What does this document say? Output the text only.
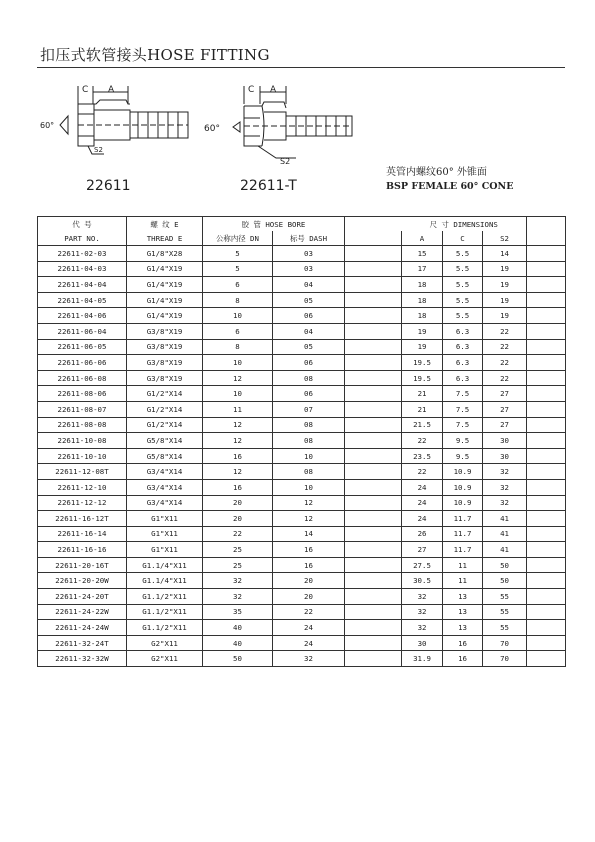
扣压式软管接头HOSE FITTING
C A
60°
S2
22611
C A
60°
S2
22611-T
英管内螺纹60° 外锥面
BSP FEMALE 60° CONE
代 号	螺 纹 E	胶 管 HOSE BORE				尺 寸 DIMENSIONS			
PART NO.	THREAD E	公称内径 DN	标号 DASH			A	C	S2	
22611-02-03	G1/8"X28	5	03			15	5.5	14	
22611-04-03	G1/4"X19	5	03			17	5.5	19	
22611-04-04	G1/4"X19	6	04			18	5.5	19	
22611-04-05	G1/4"X19	8	05			18	5.5	19	
22611-04-06	G1/4"X19	10	06			18	5.5	19	
22611-06-04	G3/8"X19	6	04			19	6.3	22	
22611-06-05	G3/8"X19	8	05			19	6.3	22	
22611-06-06	G3/8"X19	10	06			19.5	6.3	22	
22611-06-08	G3/8"X19	12	08			19.5	6.3	22	
22611-08-06	G1/2"X14	10	06			21	7.5	27	
22611-08-07	G1/2"X14	11	07			21	7.5	27	
22611-08-08	G1/2"X14	12	08			21.5	7.5	27	
22611-10-08	G5/8"X14	12	08			22	9.5	30	
22611-10-10	G5/8"X14	16	10			23.5	9.5	30	
22611-12-08T	G3/4"X14	12	08			22	10.9	32	
22611-12-10	G3/4"X14	16	10			24	10.9	32	
22611-12-12	G3/4"X14	20	12			24	10.9	32	
22611-16-12T	G1"X11	20	12			24	11.7	41	
22611-16-14	G1"X11	22	14			26	11.7	41	
22611-16-16	G1"X11	25	16			27	11.7	41	
22611-20-16T	G1.1/4"X11	25	16			27.5	11	50	
22611-20-20W	G1.1/4"X11	32	20			30.5	11	50	
22611-24-20T	G1.1/2"X11	32	20			32	13	55	
22611-24-22W	G1.1/2"X11	35	22			32	13	55	
22611-24-24W	G1.1/2"X11	40	24			32	13	55	
22611-32-24T	G2"X11	40	24			30	16	70	
22611-32-32W	G2"X11	50	32			31.9	16	70	
